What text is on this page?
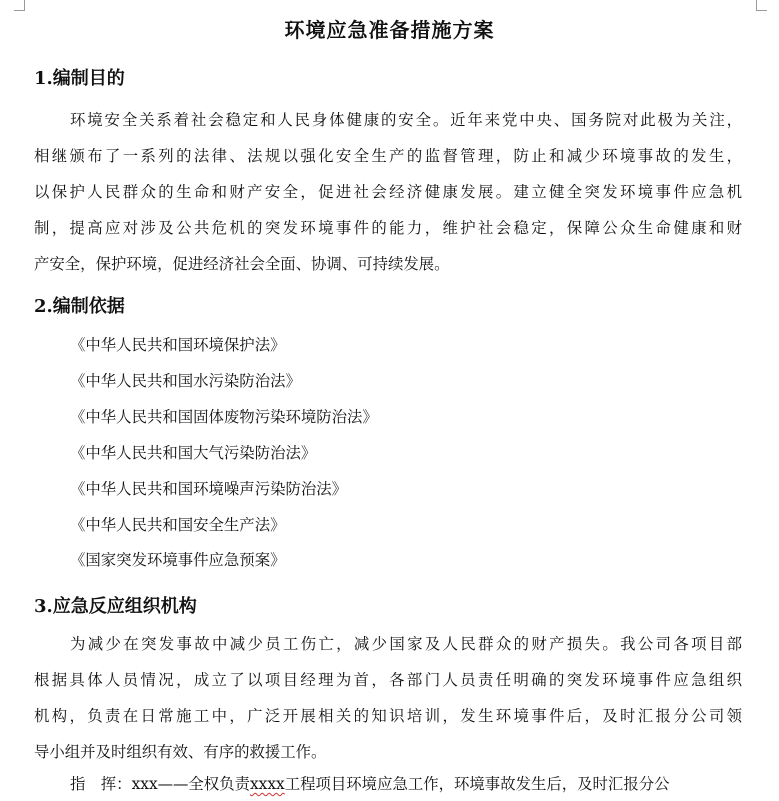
环境应急准备措施方案
1.编制目的
环境安全关系着社会稳定和人民身体健康的安全。近年来党中央、国务院对此极为关注，
相继颁布了一系列的法律、法规以强化安全生产的监督管理，防止和减少环境事故的发生，
以保护人民群众的生命和财产安全，促进社会经济健康发展。建立健全突发环境事件应急机
制，提高应对涉及公共危机的突发环境事件的能力，维护社会稳定，保障公众生命健康和财
产安全，保护环境，促进经济社会全面、协调、可持续发展。
2.编制依据
《中华人民共和国环境保护法》
《中华人民共和国水污染防治法》
《中华人民共和国固体废物污染环境防治法》
《中华人民共和国大气污染防治法》
《中华人民共和国环境噪声污染防治法》
《中华人民共和国安全生产法》
《国家突发环境事件应急预案》
3.应急反应组织机构
为减少在突发事故中减少员工伤亡，减少国家及人民群众的财产损失。我公司各项目部
根据具体人员情况，成立了以项目经理为首，各部门人员责任明确的突发环境事件应急组织
机构，负责在日常施工中，广泛开展相关的知识培训，发生环境事件后，及时汇报分公司领
导小组并及时组织有效、有序的救援工作。
指　挥：xxx——全权负责xxxx工程项目环境应急工作，环境事故发生后，及时汇报分公
